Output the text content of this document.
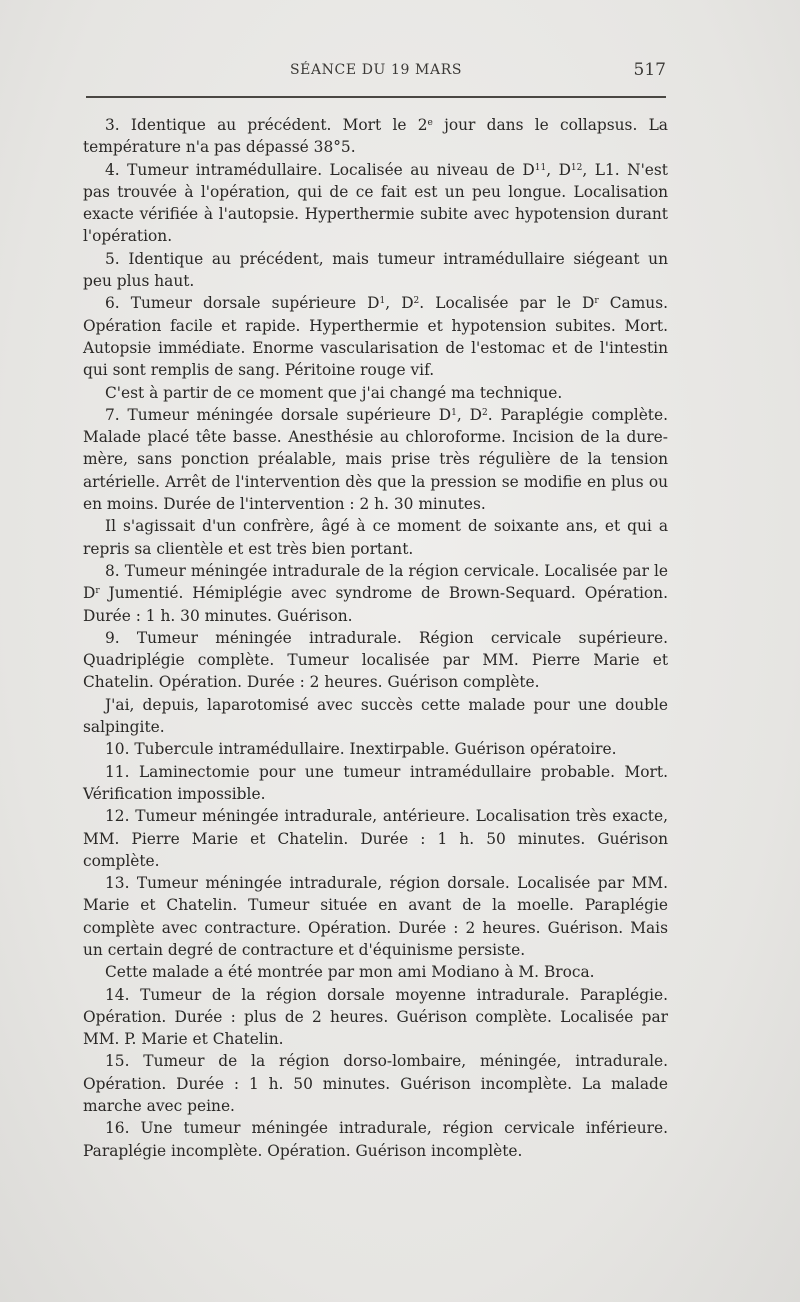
SÉANCE DU 19 MARS	517

3. Identique au précédent. Mort le 2e jour dans le collapsus. La température n'a pas dépassé 38°5.

4. Tumeur intramédullaire. Localisée au niveau de $D^{11}$, $D^{12}$, L1. N'est pas trouvée à l'opération, qui de ce fait est un peu longue. Localisation exacte vérifiée à l'autopsie. Hyperthermie subite avec hypotension durant l'opération.

5. Identique au précédent, mais tumeur intramédullaire siégeant un peu plus haut.

6. Tumeur dorsale supérieure $D^1$, $D^2$. Localisée par le $D^r$ Camus. Opération facile et rapide. Hyperthermie et hypotension subites. Mort. Autopsie immédiate. Enorme vascularisation de l'estomac et de l'intestin qui sont remplis de sang. Péritoine rouge vif.

C'est à partir de ce moment que j'ai changé ma technique.

7. Tumeur méningée dorsale supérieure $D^1$, $D^2$. Paraplégie complète. Malade placé tête basse. Anesthésie au chloroforme. Incision de la dure-mère, sans ponction préalable, mais prise très régulière de la tension artérielle. Arrêt de l'intervention dès que la pression se modifie en plus ou en moins. Durée de l'intervention : 2 h. 30 minutes.

Il s'agissait d'un confrère, âgé à ce moment de soixante ans, et qui a repris sa clientèle et est très bien portant.

8. Tumeur méningée intradurale de la région cervicale. Localisée par le $D^r$ Jumentié. Hémiplégie avec syndrome de Brown-Sequard. Opération. Durée : 1 h. 30 minutes. Guérison.

9. Tumeur méningée intradurale. Région cervicale supérieure. Quadriplégie complète. Tumeur localisée par MM. Pierre Marie et Chatelin. Opération. Durée : 2 heures. Guérison complète.

J'ai, depuis, laparotomisé avec succès cette malade pour une double salpingite.

10. Tubercule intramédullaire. Inextirpable. Guérison opératoire.

11. Laminectomie pour une tumeur intramédullaire probable. Mort. Vérification impossible.

12. Tumeur méningée intradurale, antérieure. Localisation très exacte, MM. Pierre Marie et Chatelin. Durée : 1 h. 50 minutes. Guérison complète.

13. Tumeur méningée intradurale, région dorsale. Localisée par MM. Marie et Chatelin. Tumeur située en avant de la moelle. Paraplégie complète avec contracture. Opération. Durée : 2 heures. Guérison. Mais un certain degré de contracture et d'équinisme persiste.

Cette malade a été montrée par mon ami Modiano à M. Broca.

14. Tumeur de la région dorsale moyenne intradurale. Paraplégie. Opération. Durée : plus de 2 heures. Guérison complète. Localisée par MM. P. Marie et Chatelin.

15. Tumeur de la région dorso-lombaire, méningée, intradurale. Opération. Durée : 1 h. 50 minutes. Guérison incomplète. La malade marche avec peine.

16. Une tumeur méningée intradurale, région cervicale inférieure. Paraplégie incomplète. Opération. Guérison incomplète.
